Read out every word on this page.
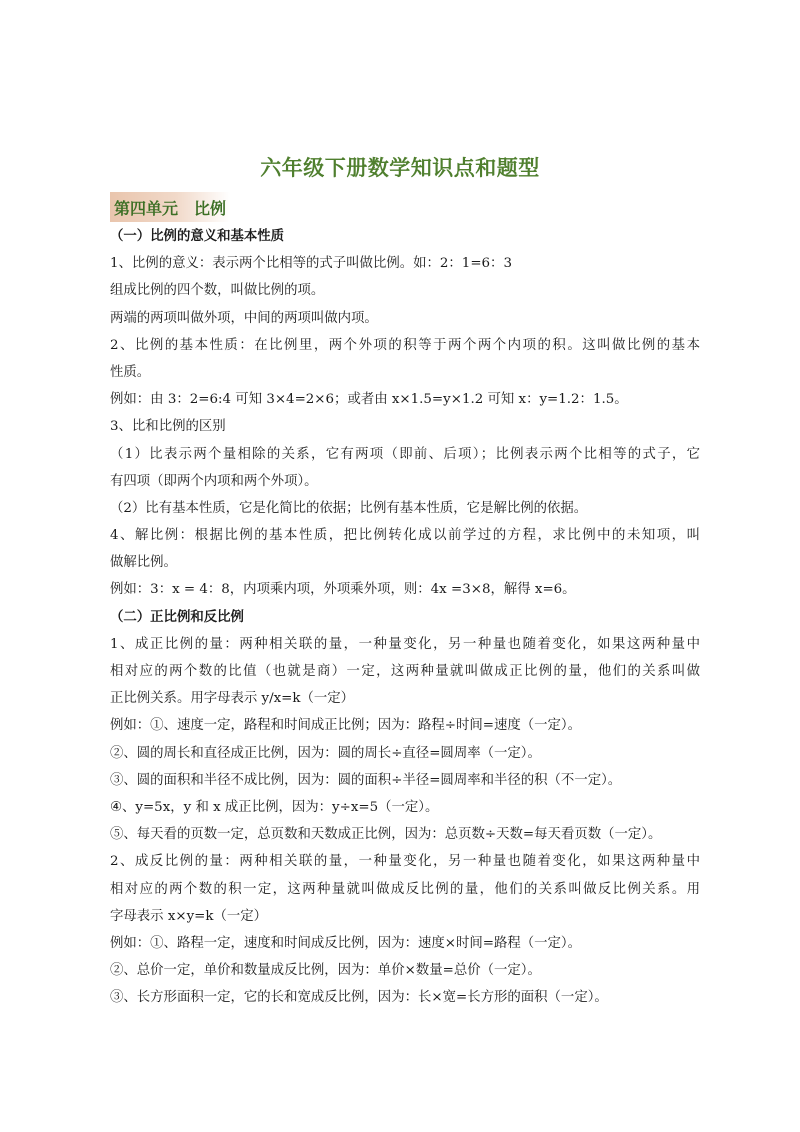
六年级下册数学知识点和题型
第四单元　比例
（一）比例的意义和基本性质
1、比例的意义：表示两个比相等的式子叫做比例。如：2：1=6：3
组成比例的四个数，叫做比例的项。
两端的两项叫做外项，中间的两项叫做内项。
2、比例的基本性质：在比例里，两个外项的积等于两个两个内项的积。这叫做比例的基本
性质。
例如：由 3：2=6:4 可知 3×4=2×6；或者由 x×1.5=y×1.2 可知 x：y=1.2：1.5。
3、比和比例的区别
（1）比表示两个量相除的关系，它有两项（即前、后项）；比例表示两个比相等的式子，它
有四项（即两个内项和两个外项）。
（2）比有基本性质，它是化简比的依据；比例有基本性质，它是解比例的依据。
4、解比例：根据比例的基本性质，把比例转化成以前学过的方程，求比例中的未知项，叫
做解比例。
例如：3：x = 4：8，内项乘内项，外项乘外项，则：4x =3×8，解得 x=6。
（二）正比例和反比例
1、成正比例的量：两种相关联的量，一种量变化，另一种量也随着变化，如果这两种量中
相对应的两个数的比值（也就是商）一定，这两种量就叫做成正比例的量，他们的关系叫做
正比例关系。用字母表示 y/x=k（一定）
例如：①、速度一定，路程和时间成正比例；因为：路程÷时间=速度（一定）。
②、圆的周长和直径成正比例，因为：圆的周长÷直径=圆周率（一定）。
③、圆的面积和半径不成比例，因为：圆的面积÷半径=圆周率和半径的积（不一定）。
④、y=5x，y 和 x 成正比例，因为：y÷x=5（一定）。
⑤、每天看的页数一定，总页数和天数成正比例，因为：总页数÷天数=每天看页数（一定）。
2、成反比例的量：两种相关联的量，一种量变化，另一种量也随着变化，如果这两种量中
相对应的两个数的积一定，这两种量就叫做成反比例的量，他们的关系叫做反比例关系。用
字母表示 x×y=k（一定）
例如：①、路程一定，速度和时间成反比例，因为：速度×时间=路程（一定）。
②、总价一定，单价和数量成反比例，因为：单价×数量=总价（一定）。
③、长方形面积一定，它的长和宽成反比例，因为：长×宽=长方形的面积（一定）。
